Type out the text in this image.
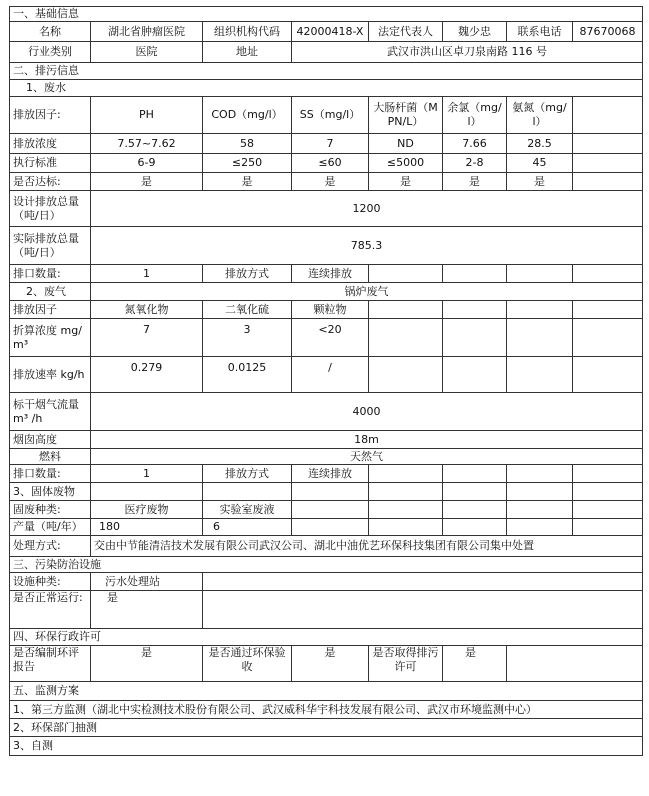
一、基础信息							
名称	湖北省肿瘤医院	组织机构代码	42000418-X	法定代表人	魏少忠	联系电话	87670068
行业类别	医院	地址	武汉市洪山区卓刀泉南路 116 号				
二、排污信息							
1、废水							
排放因子:	PH	COD（mg/l）	SS（mg/l）	大肠杆菌（MPN/L）	余氯（mg/l）	氨氮（mg/l）	
排放浓度	7.57~7.62	58	7	ND	7.66	28.5	
执行标准	6-9	≤250	≤60	≤5000	2-8	45	
是否达标:	是	是	是	是	是	是	
设计排放总量（吨/日）	1200						
实际排放总量（吨/日）	785.3						
排口数量:	1	排放方式	连续排放				
2、废气	锅炉废气						
排放因子	氮氧化物	二氧化硫	颗粒物				
折算浓度 mg/ m³	7	3	<20				
排放速率 kg/h	0.279	0.0125	/				
标干烟气流量 m³ /h	4000						
烟囱高度	18m						
燃料	天然气						
排口数量:	1	排放方式	连续排放				
3、固体废物							
固废种类:	医疗废物	实验室废液					
产量（吨/年）	180	6					
处理方式:	交由中节能清洁技术发展有限公司武汉公司、湖北中油优艺环保科技集团有限公司集中处置						
三、污染防治设施							
设施种类:	污水处理站						
是否正常运行:	是						
四、环保行政许可							
是否编制环评报告	是	是否通过环保验收	是	是否取得排污许可	是		
五、监测方案							
1、第三方监测（湖北中实检测技术股份有限公司、武汉威科华宇科技发展有限公司、武汉市环境监测中心）							
2、环保部门抽测							
3、自测							
